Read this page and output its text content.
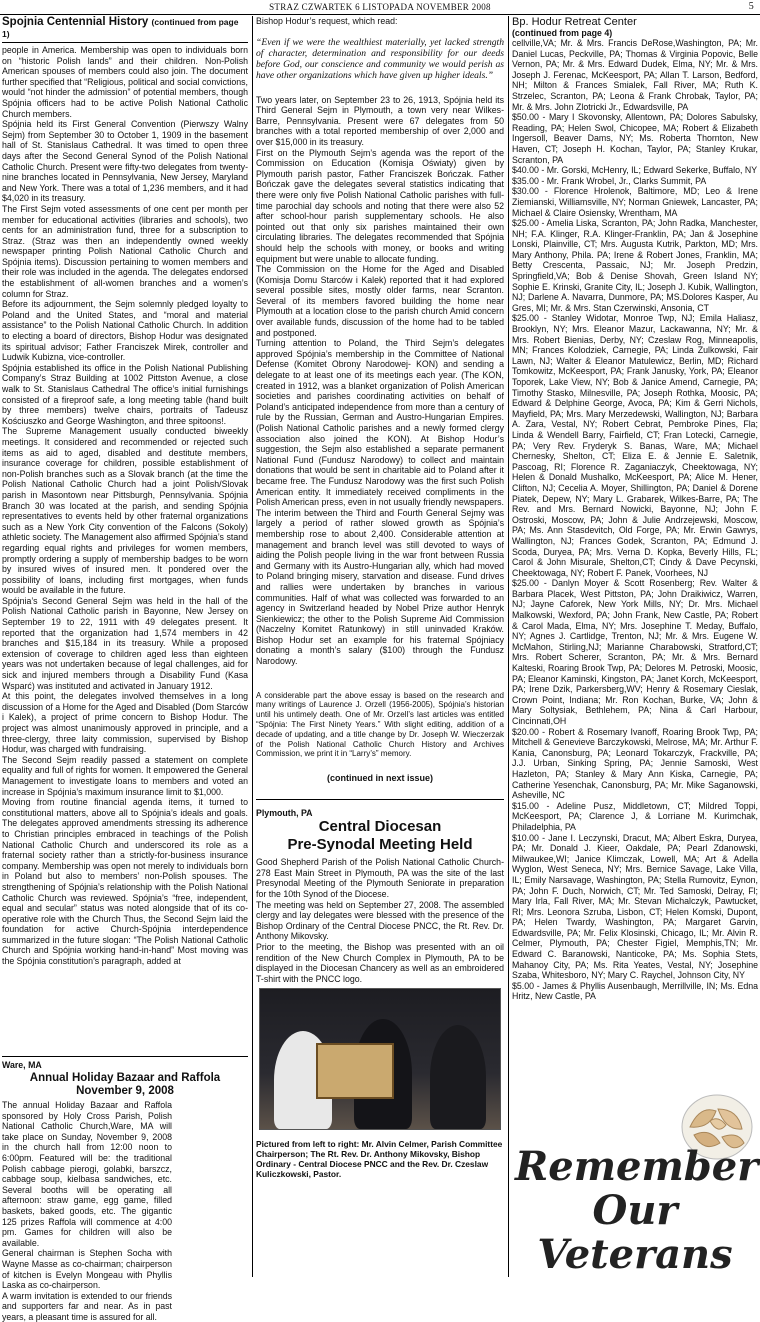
STRAZ CZWARTEK 6 LISTOPADA NOVEMBER 2008	5
Spojnia Centennial History (continued from page 1)

people in America. Membership was open to individuals born on “historic Polish lands” and their children. Non-Polish American spouses of members could also join. The document further specified that “Religious, political and social convictions, would “not hinder the admission” of potential members, though Spójnia officers had to be active Polish National Catholic Church members.
Spójnia held its First General Convention (Pierwszy Walny Sejm) from September 30 to October 1, 1909 in the basement hall of St. Stanislaus Cathedral. It was timed to open three days after the Second General Synod of the Polish National Catholic Church. Present were fifty-two delegates from twenty-nine branches located in Pennsylvania, New Jersey, Maryland and New York. There was a total of 1,236 members, and it had $4,020 in its treasury.
The First Sejm voted assessments of one cent per month per member for educational activities (libraries and schools), two cents for an administration fund, three for a subscription to Straz. (Straz was then an independently owned weekly newspaper printing Polish National Catholic Church and Spójnia items). Discussion pertaining to women members and their role was included in the agenda. The delegates endorsed the establishment of all-women branches and a women’s column for Straz.
Before its adjournment, the Sejm solemnly pledged loyalty to Poland and the United States, and “moral and material assistance” to the Polish National Catholic Church. In addition to electing a board of directors, Bishop Hodur was designated its spiritual advisor; Father Franciszek Mirek, controller and Ludwik Kubizna, vice-controller.
Spójnia established its office in the Polish National Publishing Company’s Straz Building at 1002 Pittston Avenue, a close walk to St. Stanislaus Cathedral The office’s initial furnishings consisted of a fireproof safe, a long meeting table (hand built by three members) twelve chairs, portraits of Tadeusz Kościuszko and George Washington, and three spitoons!.
The Supreme Management usually conducted biweekly meetings. It considered and recommended or rejected such items as aid to aged, disabled and destitute members, insurance coverage for children, possible establishment of non-Polish branches such as a Slovak branch (at the time the Polish National Catholic Church had a joint Polish/Slovak parish in Masontown near Pittsburgh, Pennsylvania. Spójnia Branch 30 was located at the parish, and sending Spójnia representatives to events held by other fraternal organizations such as a New York City convention of the Falcons (Sokoly) athletic society. The Management also affirmed Spójnia’s stand regarding equal rights and privileges for women members, promptly ordering a supply of membership badges to be worn by insured wives of insured men. It pondered over the possibility of loans, including first mortgages, when funds would be available in the future.
Spójnia’s Second General Sejm was held in the hall of the Polish National Catholic parish in Bayonne, New Jersey on September 19 to 22, 1911 with 49 delegates present. It reported that the organization had 1,574 members in 42 branches and $15,184 in its treasury. While a proposed extension of coverage to children aged less than eighteen years was not undertaken because of legal challenges, aid for sick and injured members through a Disability Fund (Kasa Wsparć) was instituted and activated in January 1912.
At this point, the delegates involved themselves in a long discussion of a Home for the Aged and Disabled (Dom Starców i Kalek), a project of prime concern to Bishop Hodur. The project was almost unanimously approved in principle, and a three-clergy, three laity commission, supervised by Bishop Hodur, was charged with fundraising.
The Second Sejm readily passed a statement on complete equality and full of rights for women. It empowered the General Management to investigate loans to members and voted an increase in Spójnia’s maximum insurance limit to $1,000.
Moving from routine financial agenda items, it turned to constitutional matters, above all to Spójnia’s ideals and goals. The delegates approved amendments stressing its adherence to Christian principles embraced in teachings of the Polish National Catholic Church and underscored its role as a fraternal society rather than a strictly-for-business insurance company. Membership was open not merely to individuals born in Poland but also to members’ non-Polish spouses. The strengthening of Spójnia’s relationship with the Polish National Catholic Church was reviewed. Spójnia’s “free, independent, equal and secular” status was noted alongside that of its co-operative role with the Church Thus, the Second Sejm laid the foundation for active Church-Spójnia interdependence summarized in the future slogan: “The Polish National Catholic Church and Spójnia working hand-in-hand” Most moving was the Spójnia constitution’s paragraph, added at

Ware, MA
Annual Holiday Bazaar and Raffola November 9, 2008

The annual Holiday Bazaar and Raffola sponsored by Holy Cross Parish, Polish National Catholic Church,Ware, MA will take place on Sunday, November 9, 2008 in the church hall from 12:00 noon to 6:00pm. Featured will be: the traditional Polish cabbage pierogi, golabki, barszcz, cabbage soup, kielbasa sandwiches, etc. Several booths will be operating all afternoon: straw game, egg game, filled baskets, baked goods, etc. The gigantic 125 prizes Raffola will commence at 4:00 pm. Games for children will also be available.
General chairman is Stephen Socha with Wayne Masse as co-chairman; chairperson of kitchen is Evelyn Mongeau with Phyllis Laska as co-chairperson.
A warm invitation is extended to our friends and supporters far and near. As in past years, a pleasant time is assured for all.

Bishop Hodur’s request, which read:

“Even if we were the wealthiest materially, yet lacked strength of character, determination and responsibility for our deeds before God, our conscience and community we would perish as have other organizations which have given up higher ideals.”

Two years later, on September 23 to 26, 1913, Spójnia held its Third General Sejm in Plymouth, a town very near Wilkes-Barre, Pennsylvania. Present were 67 delegates from 50 branches with a total reported membership of over 2,000 and over $15,000 in its treasury.
First on the Plymouth Sejm’s agenda was the report of the Commission on Education (Komisja Oświaty) given by Plymouth parish pastor, Father Franciszek Bończak. Father Bończak gave the delegates several statistics indicating that there were only five Polish National Catholic parishes with full-time parochial day schools and noting that there were also 52 after school-hour parish supplementary schools. He also pointed out that only six parishes maintained their own circulating libraries. The delegates recommended that Spójnia should help the schools with money, or books and writing equipment but were unable to allocate funding.
The Commission on the Home for the Aged and Disabled (Komisja Domu Starców i Kalek) reported that it had explored several possible sites, mostly older farms, near Scranton. Several of its members favored building the home near Plymouth at a location close to the parish church Amid concern over available funds, discussion of the home had to be tabled and postponed.
Turning attention to Poland, the Third Sejm’s delegates approved Spójnia’s membership in the Committee of National Defense (Komitet Obrony Narodowej- KON) and sending a delegate to at least one of its meetings each year. (The KON, created in 1912, was a blanket organization of Polish American societies and parishes coordinating activities on behalf of Poland’s anticipated independence from more than a century of rule by the Russian, German and Austro-Hungarian Empires. (Polish National Catholic parishes and a newly formed clergy association also joined the KON). At Bishop Hodur’s suggestion, the Sejm also established a separate permanent National Fund (Fundusz Narodowy) to collect and maintain donations that would be sent in charitable aid to Poland after it became free. The Fundusz Narodowy was the first such Polish American entity. It immediately received compliments in the Polish American press, even in not usually friendly newspapers.
The interim between the Third and Fourth General Sejmy was largely a period of rather slowed growth as Spójnia’s membership rose to about 2,400. Considerable attention at management and branch level was still devoted to ways of aiding the Polish people living in the war front between Russia and Germany with its Austro-Hungarian ally, which had moved to Poland bringing misery, starvation and disease. Fund drives and rallies were undertaken by branches in various communities. Half of what was collected was forwarded to an agency in Switzerland headed by Nobel Prize author Henryk Sienkiewicz; the other to the Polish Supreme Aid Commission (Naczelny Komitet Ratunkowy) in still uninvaded Kraków. Bishop Hodur set an example for his fraternal Spójniacy donating a month’s salary ($100) through the Fundusz Narodowy.

A considerable part the above essay is based on the research and many writings of Laurence J. Orzell (1956-2005), Spójnia’s historian until his untimely death. One of Mr. Orzell’s last articles was entitled “Spójnia: The First Ninety Years.” With slight editing, addition of a decade of updating, and a title change by Dr. Joseph W. Wieczerzak of the Polish National Catholic Church History and Archives Commission, we print it in “Larry’s” memory.

(continued in next issue)
Plymouth, PA
Central Diocesan
Pre-Synodal Meeting Held

Good Shepherd Parish of the Polish National Catholic Church- 278 East Main Street in Plymouth, PA was the site of the last Presynodal Meeting of the Plymouth Seniorate in preparation for the 10th Synod of the Diocese.
The meeting was held on September 27, 2008. The assembled clergy and lay delegates were blessed with the presence of the Bishop Ordinary of the Central Diocese PNCC, the Rt. Rev. Dr. Anthony Mikovsky.
Prior to the meeting, the Bishop was presented with an oil rendition of the New Church Complex in Plymouth, PA to be displayed in the Diocesan Chancery as well as an embroidered T-shirt with the PNCC logo.

Pictured from left to right: Mr. Alvin Celmer, Parish Committee Chairperson; The Rt. Rev. Dr. Anthony Mikovsky, Bishop Ordinary - Central Diocese PNCC and the Rev. Dr. Czeslaw Kuliczkowski, Pastor.

Bp. Hodur Retreat Center
(continued from page 4)

cellville,VA; Mr. & Mrs. Francis DeRose,Washington, PA; Mr. Daniel Lucas, Peckville, PA; Thomas & Virginia Popovic, Belle Vernon, PA; Mr. & Mrs. Edward Dudek, Elma, NY; Mr. & Mrs. Joseph J. Ferenac, McKeesport, PA; Allan T. Larson, Bedford, NH; Milton & Frances Smialek, Fall River, MA; Ruth K. Strzelec, Scranton, PA; Leona & Frank Chrobak, Taylor, PA; Mr. & Mrs. John Zlotricki Jr., Edwardsville, PA
$50.00 - Mary I Skovonsky, Allentown, PA; Dolores Sabulsky, Reading, PA; Helen Swol, Chicopee, MA; Robert & Elizabeth Ingersoll, Beaver Dams, NY; Ms. Roberta Thornton, New Haven, CT; Joseph H. Kochan, Taylor, PA; Stanley Krukar, Scranton, PA
$40.00 - Mr. Gorski, McHenry, IL; Edward Sekerke, Buffalo, NY
$35.00 - Mr. Frank Wrobel, Jr., Clarks Summit, PA
$30.00 - Florence Hrolenok, Baltimore, MD; Leo & Irene Ziemianski, Williamsville, NY; Norman Gniewek, Lancaster, PA; Michael & Claire Osiensky, Wrentham, MA
$25.00 - Amelia Liska, Scranton, PA; John Radka, Manchester, NH; F.A. Klinger, R.A. Klinger-Franklin, PA; Jan & Josephine Lonski, Plainville, CT; Mrs. Augusta Kutrik, Parkton, MD; Mrs. Mary Anthony, Phila. PA; Irene & Robert Jones, Franklin, MA; Betty Crescenta, Passaic, NJ; Mr. Joseph Predzin, Springfield,VA; Bob & Denise Shovah, Green Island NY; Sophie E. Krinski, Granite City, IL; Joseph J. Kubik, Wallington, NJ; Darlene A. Navarra, Dunmore, PA; MS.Dolores Kasper, Au Gres, MI; Mr. & Mrs. Stan Czerwinski, Ansonia, CT
$25.00 - Stanley Widotar, Monroe Twp, NJ; Emila Haliasz, Brooklyn, NY; Mrs. Eleanor Mazur, Lackawanna, NY; Mr. & Mrs. Robert Bienias, Derby, NY; Czeslaw Rog, Minneapolis, MN; Frances Kolodziek, Carnegie, PA; Linda Zulkowski, Fair Lawn, NJ; Walter & Eleanor Matulewicz, Berlin, MD; Richard Tomkowitz, McKeesport, PA; Frank Janusky, York, PA; Eleanor Toporek, Lake View, NY; Bob & Janice Amend, Carnegie, PA; Timothy Stasko, Milnesville, PA; Joseph Rothka, Moosic, PA; Edward & Delphine George, Avoca, PA; Kim & Gerri Nichols, Mayfield, PA; Mrs. Mary Merzedewski, Wallington, NJ; Barbara A. Zara, Vestal, NY; Robert Cebrat, Pembroke Pines, Fla; Linda & Wendell Barry, Fairfield, CT; Fran Lotecki, Carnegie, PA; Very Rev. Fryderyk S. Banas, Ware, MA; Michael Chernesky, Shelton, CT; Eliza E. & Jennie E. Saletnik, Pascoag, RI; Florence R. Zaganiaczyk, Cheektowaga, NY; Helen & Donald Mushalko, McKeesport, PA; Alice M. Hener, Clifton, NJ; Cecelia A. Moyer, Shillington, PA; Daniel & Dorene Piatek, Depew, NY; Mary L. Grabarek, Wilkes-Barre, PA; The Rev. and Mrs. Bernard Nowicki, Bayonne, NJ; John F. Ostroski, Moscow, PA; John & Julie Andrzejewski, Moscow, PA; Ms. Ann Stasdevitch, Old Forge, PA; Mr. Erwin Gawrys, Wallington, NJ; Frances Godek, Scranton, PA; Edmund J. Scoda, Duryea, PA; Mrs. Verna D. Kopka, Beverly Hills, FL; Carol & John Misurale, Shelton,CT; Cindy & Dave Pecynski, Cheektowaga, NY; Robert F. Panek, Voorhees, NJ
$25.00 - Danlyn Moyer & Scott Rosenberg; Rev. Walter & Barbara Placek, West Pittston, PA; John Draikiwicz, Warren, NJ; Jayne Caforek, New York Mills, NY; Dr. Mrs. Michael Malkowski, Wexford, PA; John Frank, New Castle, PA; Robert & Carol Mada, Elma, NY; Mrs. Josephine T. Meday, Buffalo, NY; Agnes J. Cartlidge, Trenton, NJ; Mr. & Mrs. Eugene W. McMahon, Stirling,NJ; Marianne Charabowski, Stratford,CT; Mrs. Robert Scherer, Scranton, PA; Mr. & Mrs. Bernard Kalteski, Roaring Brook Twp, PA; Delores M. Petroski, Moosic, PA; Eleanor Kaminski, Kingston, PA; Janet Korch, McKeesport, PA; Irene Dzik, Parkersberg,WV; Henry & Rosemary Cieslak, Crown Point, Indiana; Mr. Ron Kochan, Burke, VA; John & Mary Soltysiak, Bethlehem, PA; Nina & Carl Harbour, Cincinnati,OH
$20.00 - Robert & Rosemary Ivanoff, Roaring Brook Twp, PA; Mitchell & Genevieve Barczykowski, Melrose, MA; Mr. Arthur F. Kania, Canonsburg, PA; Leonard Tokarczyk, Frackville, PA; J.J. Urban, Sinking Spring, PA; Jennie Samoski, West Hazleton, PA; Stanley & Mary Ann Kiska, Carnegie, PA; Catherine Yesenchak, Canonsburg, PA; Mr. Mike Saganowski, Asheville, NC
$15.00 - Adeline Pusz, Middletown, CT; Mildred Toppi, McKeesport, PA; Clarence J, & Lorriane M. Kurimchak, Philadelphia, PA
$10.00 - Jane I. Leczynski, Dracut, MA; Albert Eskra, Duryea, PA; Mr. Donald J. Kieer, Oakdale, PA; Pearl Zdanowski, Milwaukee,WI; Janice Klimczak, Lowell, MA; Art & Adella Wyglon, West Seneca, NY; Mrs. Bernice Savage, Lake Villa, IL; Emily Narsavage, Washington, PA; Stella Rumovitz, Eynon, PA; John F. Duch, Norwich, CT; Mr. Ted Samoski, Delray, Fl; Mary Irla, Fall River, MA; Mr. Stevan Michalczyk, Pawtucket, RI; Mrs. Leonora Szruba, Lisbon, CT; Helen Komski, Dupont, PA; Helen Twardy, Washington, PA; Margaret Garvin, Edwardsville, PA; Mr. Felix Klosinski, Chicago, IL; Mr. Alvin R. Celmer, Plymouth, PA; Chester Figiel, Memphis,TN; Mr. Edward C. Baranowski, Nanticoke, PA; Ms. Sophia Stets, Mahanoy City, PA; Ms. Rita Yeates, Vestal, NY; Josephine Szaba, Whitesboro, NY; Mary C. Raychel, Johnson City, NY
$5.00 - James & Phyllis Ausenbaugh, Merrillville, IN; Ms. Edna Hritz, New Castle, PA

Remember
Our
Veterans
